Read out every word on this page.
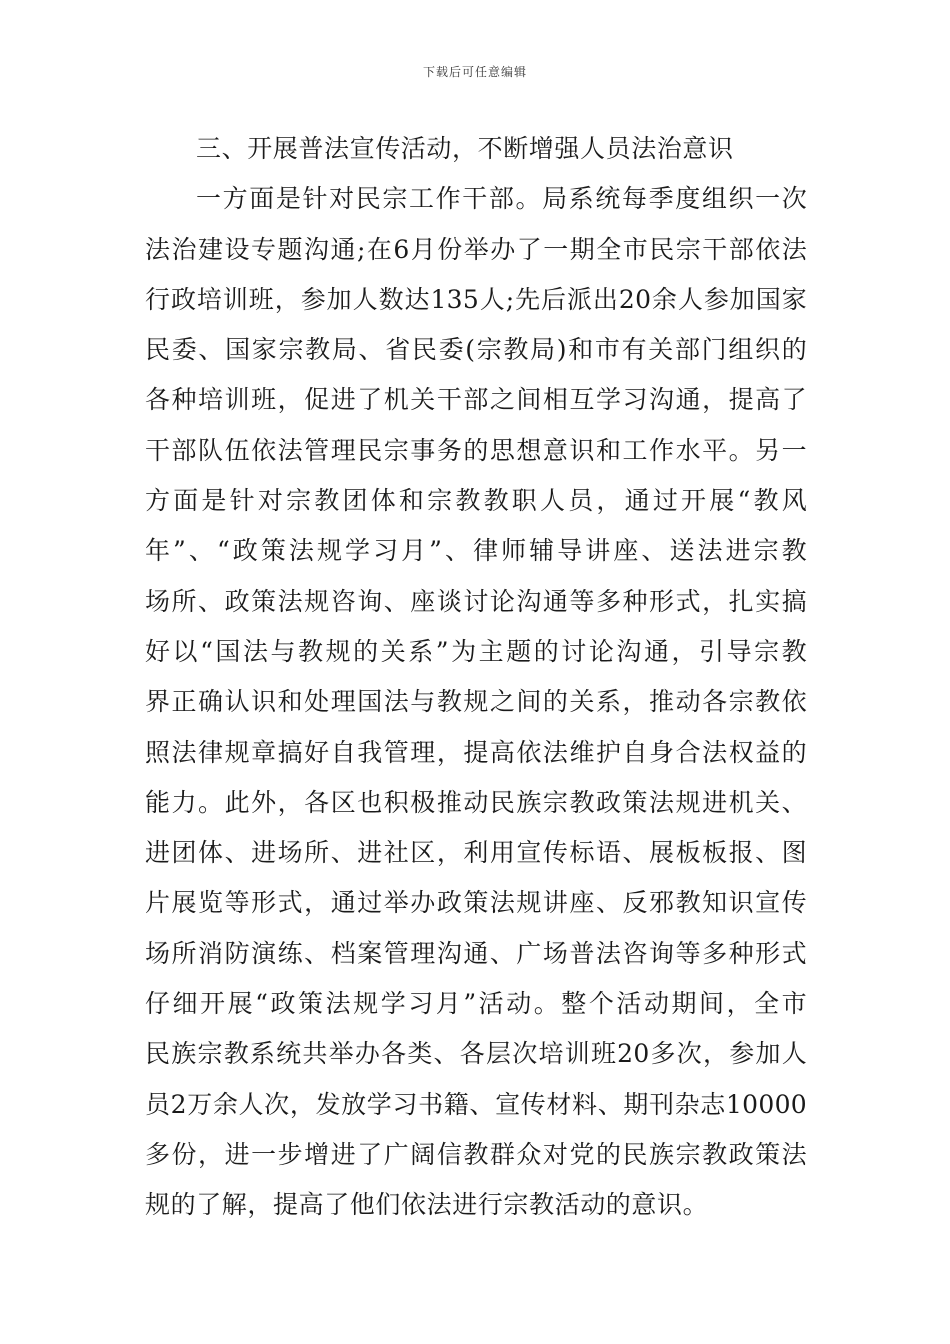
下载后可任意编辑
三、开展普法宣传活动，不断增强人员法治意识
一方面是针对民宗工作干部。局系统每季度组织一次
法治建设专题沟通;在6月份举办了一期全市民宗干部依法
行政培训班，参加人数达135人;先后派出20余人参加国家
民委、国家宗教局、省民委(宗教局)和市有关部门组织的
各种培训班，促进了机关干部之间相互学习沟通，提高了
干部队伍依法管理民宗事务的思想意识和工作水平。另一
方面是针对宗教团体和宗教教职人员，通过开展“教风
年”、“政策法规学习月”、律师辅导讲座、送法进宗教
场所、政策法规咨询、座谈讨论沟通等多种形式，扎实搞
好以“国法与教规的关系”为主题的讨论沟通，引导宗教
界正确认识和处理国法与教规之间的关系，推动各宗教依
照法律规章搞好自我管理，提高依法维护自身合法权益的
能力。此外，各区也积极推动民族宗教政策法规进机关、
进团体、进场所、进社区，利用宣传标语、展板板报、图
片展览等形式，通过举办政策法规讲座、反邪教知识宣传
场所消防演练、档案管理沟通、广场普法咨询等多种形式
仔细开展“政策法规学习月”活动。整个活动期间，全市
民族宗教系统共举办各类、各层次培训班20多次，参加人
员2万余人次，发放学习书籍、宣传材料、期刊杂志10000
多份，进一步增进了广阔信教群众对党的民族宗教政策法
规的了解，提高了他们依法进行宗教活动的意识。
